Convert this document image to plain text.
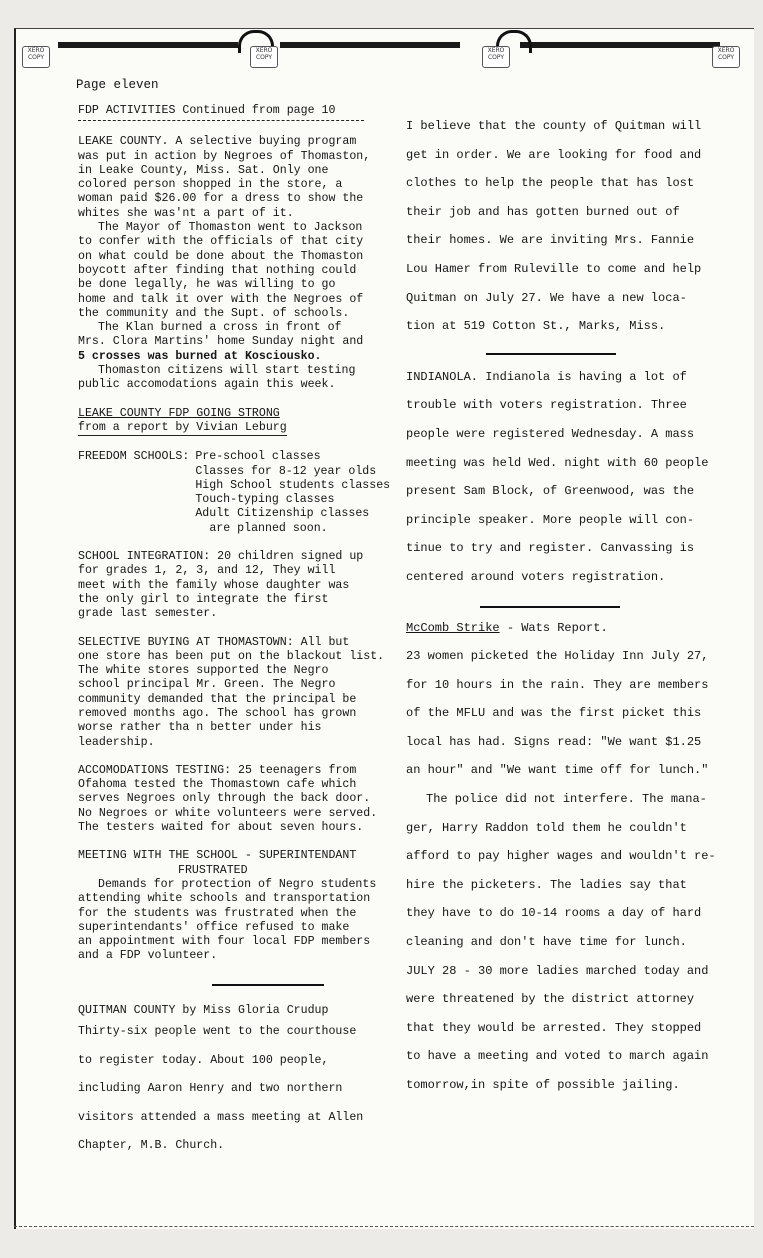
XERO COPY
XERO COPY
XERO COPY
XERO COPY
Page eleven

FDP ACTIVITIES Continued from page 10

LEAKE COUNTY. A selective buying program

was put in action by Negroes of Thomaston,

in Leake County, Miss. Sat. Only one

colored person shopped in the store, a

woman paid $26.00 for a dress to show the

whites she was'nt a part of it.

The Mayor of Thomaston went to Jackson

to confer with the officials of that city

on what could be done about the Thomaston

boycott after finding that nothing could

be done legally, he was willing to go

home and talk it over with the Negroes of

the community and the Supt. of schools.

The Klan burned a cross in front of

Mrs. Clora Martins' home Sunday night and

5 crosses was burned at Kosciousko.

Thomaston citizens will start testing

public accomodations again this week.

LEAKE COUNTY FDP GOING STRONG

from a report by Vivian Leburg

FREEDOM SCHOOLS: Pre-school classes
Classes for 8-12 year olds
High School students classes
Touch-typing classes
Adult Citizenship classes
are planned soon.

SCHOOL INTEGRATION: 20 children signed up

for grades 1, 2, 3, and 12, They will

meet with the family whose daughter was

the only girl to integrate the first

grade last semester.

SELECTIVE BUYING AT THOMASTOWN: All but

one store has been put on the blackout list.

The white stores supported the Negro

school principal Mr. Green. The Negro

community demanded that the principal be

removed months ago. The school has grown

worse rather tha n better under his

leadership.

ACCOMODATIONS TESTING: 25 teenagers from

Ofahoma tested the Thomastown cafe which

serves Negroes only through the back door.

No Negroes or white volunteers were served.

The testers waited for about seven hours.

MEETING WITH THE SCHOOL - SUPERINTENDANT

FRUSTRATED

Demands for protection of Negro students

attending white schools and transportation

for the students was frustrated when the

superintendants' office refused to make

an appointment with four local FDP members

and a FDP volunteer.

QUITMAN COUNTY by Miss Gloria Crudup

Thirty-six people went to the courthouse

to register today. About 100 people,

including Aaron Henry and two northern

visitors attended a mass meeting at Allen

Chapter, M.B. Church.

I believe that the county of Quitman will

get in order. We are looking for food and

clothes to help the people that has lost

their job and has gotten burned out of

their homes. We are inviting Mrs. Fannie

Lou Hamer from Ruleville to come and help

Quitman on July 27. We have a new loca-

tion at 519 Cotton St., Marks, Miss.

INDIANOLA. Indianola is having a lot of

trouble with voters registration. Three

people were registered Wednesday. A mass

meeting was held Wed. night with 60 people

present Sam Block, of Greenwood, was the

principle speaker. More people will con-

tinue to try and register. Canvassing is

centered around voters registration.

McComb Strike - Wats Report.

23 women picketed the Holiday Inn July 27,

for 10 hours in the rain. They are members

of the MFLU and was the first picket this

local has had. Signs read: "We want $1.25

an hour" and "We want time off for lunch."

The police did not interfere. The mana-

ger, Harry Raddon told them he couldn't

afford to pay higher wages and wouldn't re-

hire the picketers. The ladies say that

they have to do 10-14 rooms a day of hard

cleaning and don't have time for lunch.

JULY 28 - 30 more ladies marched today and

were threatened by the district attorney

that they would be arrested. They stopped

to have a meeting and voted to march again

tomorrow,in spite of possible jailing.
